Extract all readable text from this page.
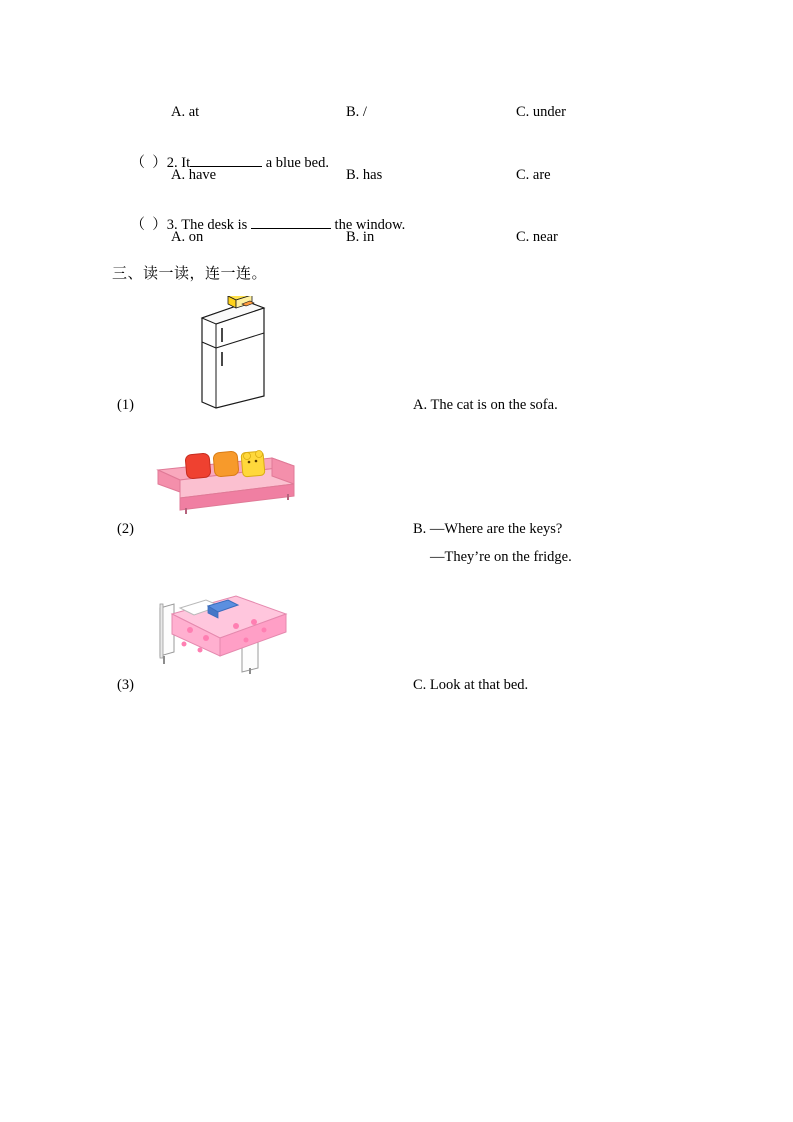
A. at	B. /	C. under

（  ）2. It	a blue bed.

A. have	B. has	C. are

（  ）3. The desk is	the window.

A. on	B. in	C. near
三、读一读，连一连。
(1)	A. The cat is on the sofa.
(2)	B. —Where are the keys?
—They’re on the fridge.
(3)	C. Look at that bed.
